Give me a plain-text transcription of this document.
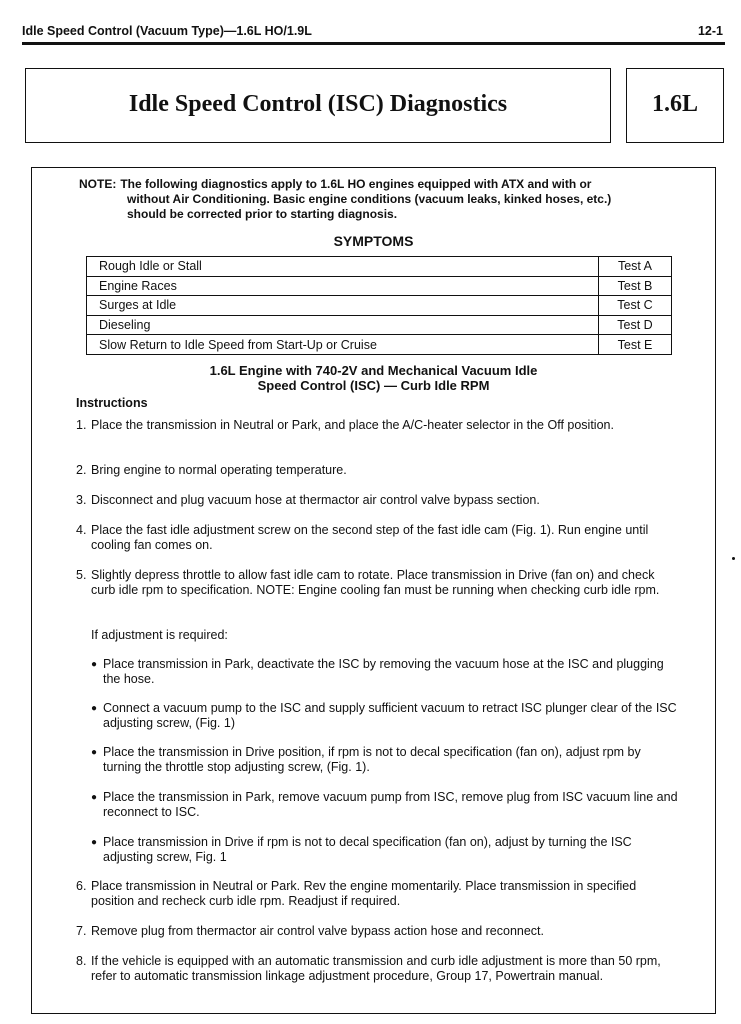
Idle Speed Control (Vacuum Type)—1.6L HO/1.9L	12-1
Idle Speed Control (ISC) Diagnostics	1.6L
NOTE: The following diagnostics apply to 1.6L HO engines equipped with ATX and with or
without Air Conditioning. Basic engine conditions (vacuum leaks, kinked hoses, etc.)
should be corrected prior to starting diagnosis.
SYMPTOMS
Rough Idle or Stall	Test A
Engine Races	Test B
Surges at Idle	Test C
Dieseling	Test D
Slow Return to Idle Speed from Start-Up or Cruise	Test E
1.6L Engine with 740-2V and Mechanical Vacuum Idle
Speed Control (ISC) — Curb Idle RPM
Instructions
1. Place the transmission in Neutral or Park, and place the A/C-heater selector in the Off position.
2. Bring engine to normal operating temperature.
3. Disconnect and plug vacuum hose at thermactor air control valve bypass section.
4. Place the fast idle adjustment screw on the second step of the fast idle cam (Fig. 1). Run engine until cooling fan comes on.
5. Slightly depress throttle to allow fast idle cam to rotate. Place transmission in Drive (fan on) and check curb idle rpm to specification. NOTE: Engine cooling fan must be running when checking curb idle rpm.
If adjustment is required:
● Place transmission in Park, deactivate the ISC by removing the vacuum hose at the ISC and plugging the hose.
● Connect a vacuum pump to the ISC and supply sufficient vacuum to retract ISC plunger clear of the ISC adjusting screw, (Fig. 1)
● Place the transmission in Drive position, if rpm is not to decal specification (fan on), adjust rpm by turning the throttle stop adjusting screw, (Fig. 1).
● Place the transmission in Park, remove vacuum pump from ISC, remove plug from ISC vacuum line and reconnect to ISC.
● Place transmission in Drive if rpm is not to decal specification (fan on), adjust by turning the ISC adjusting screw, Fig. 1
6. Place transmission in Neutral or Park. Rev the engine momentarily. Place transmission in specified position and recheck curb idle rpm. Readjust if required.
7. Remove plug from thermactor air control valve bypass action hose and reconnect.
8. If the vehicle is equipped with an automatic transmission and curb idle adjustment is more than 50 rpm, refer to automatic transmission linkage adjustment procedure, Group 17, Powertrain manual.
